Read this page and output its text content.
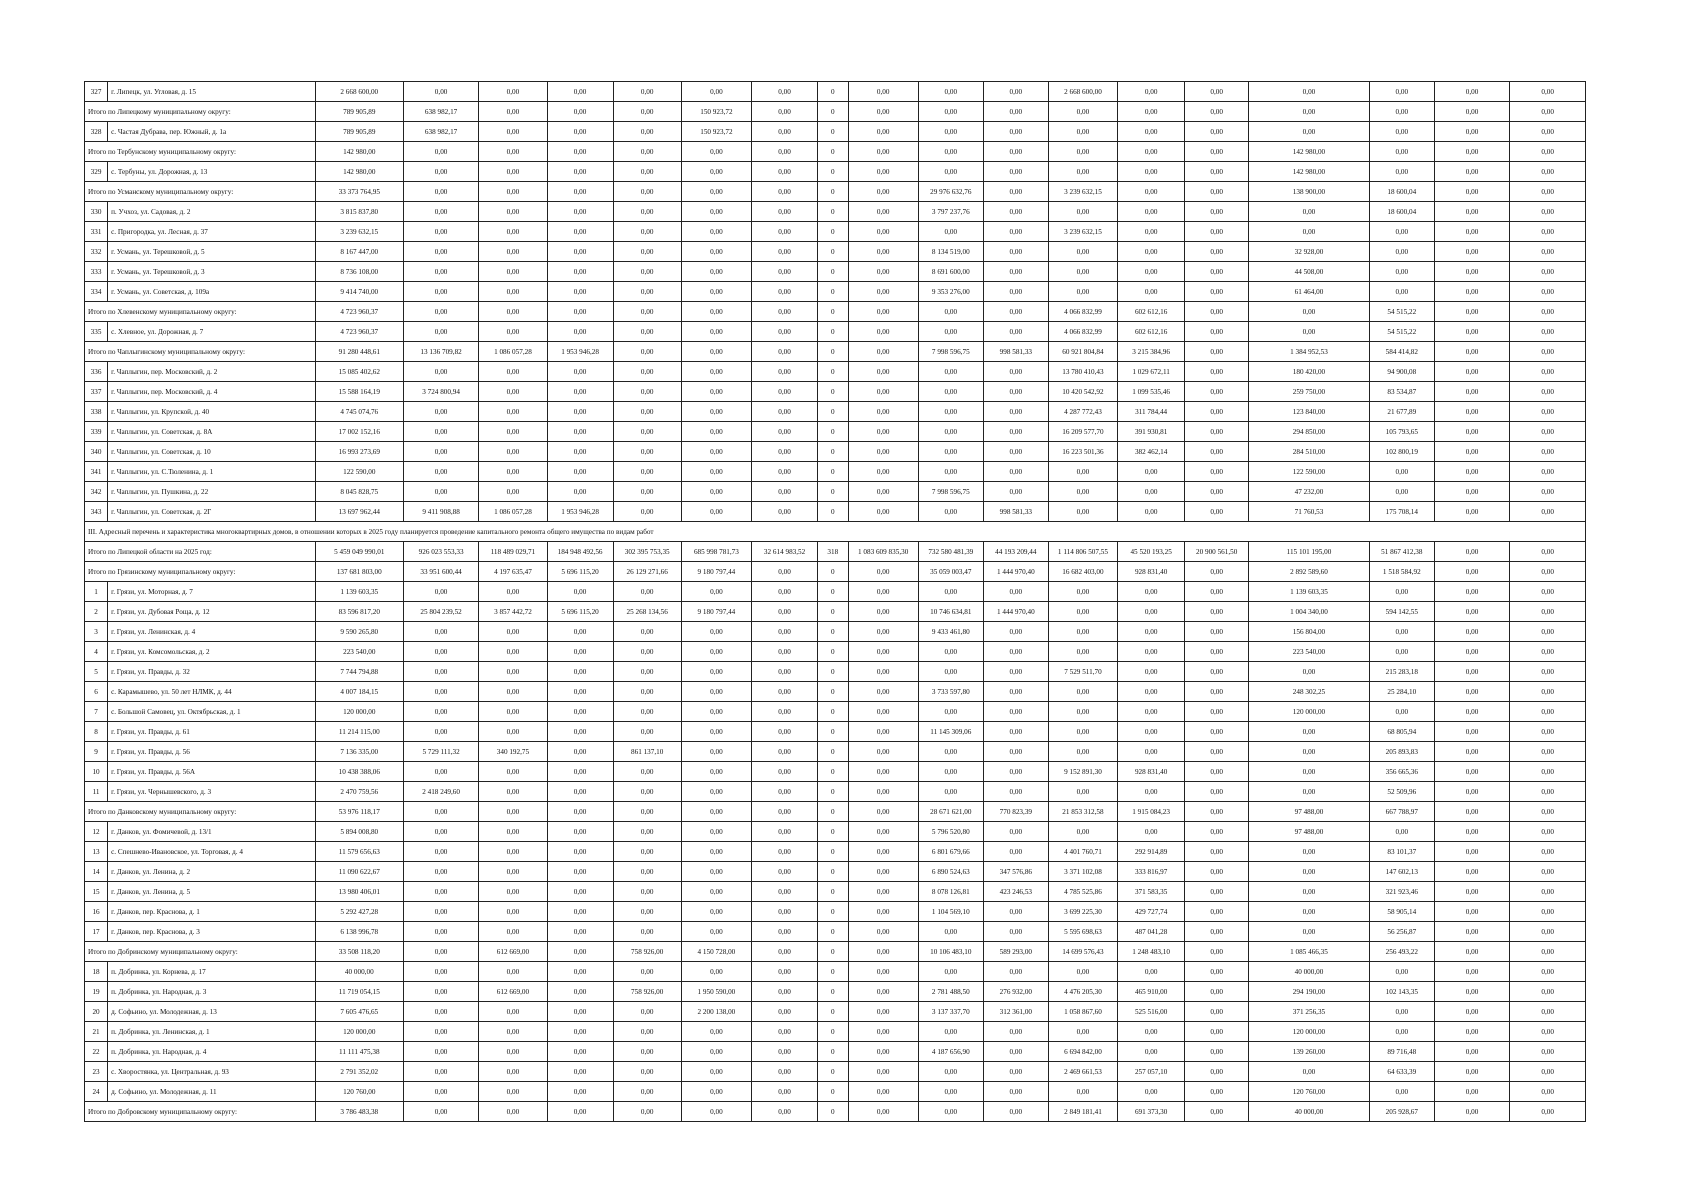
327	г. Липецк, ул. Угловая, д. 15	2 668 600,00	0,00	0,00	0,00	0,00	0,00	0,00	0	0,00	0,00	0,00	2 668 600,00	0,00	0,00	0,00	0,00	0,00	0,00
Итого по Липецкому муниципальному округу:		789 905,89	638 982,17	0,00	0,00	0,00	150 923,72	0,00	0	0,00	0,00	0,00	0,00	0,00	0,00	0,00	0,00	0,00	0,00
328	с. Частая Дубрава, пер. Южный, д. 1а	789 905,89	638 982,17	0,00	0,00	0,00	150 923,72	0,00	0	0,00	0,00	0,00	0,00	0,00	0,00	0,00	0,00	0,00	0,00
Итого по Тербунскому муниципальному округу:		142 980,00	0,00	0,00	0,00	0,00	0,00	0,00	0	0,00	0,00	0,00	0,00	0,00	0,00	142 980,00	0,00	0,00	0,00
329	с. Тербуны, ул. Дорожная, д. 13	142 980,00	0,00	0,00	0,00	0,00	0,00	0,00	0	0,00	0,00	0,00	0,00	0,00	0,00	142 980,00	0,00	0,00	0,00
Итого по Усманскому муниципальному округу:		33 373 764,95	0,00	0,00	0,00	0,00	0,00	0,00	0	0,00	29 976 632,76	0,00	3 239 632,15	0,00	0,00	138 900,00	18 600,04	0,00	0,00
330	п. Учхоз, ул. Садовая, д. 2	3 815 837,80	0,00	0,00	0,00	0,00	0,00	0,00	0	0,00	3 797 237,76	0,00	0,00	0,00	0,00	0,00	18 600,04	0,00	0,00
331	с. Пригородка, ул. Лесная, д. 37	3 239 632,15	0,00	0,00	0,00	0,00	0,00	0,00	0	0,00	0,00	0,00	3 239 632,15	0,00	0,00	0,00	0,00	0,00	0,00
332	г. Усмань, ул. Терешковой, д. 5	8 167 447,00	0,00	0,00	0,00	0,00	0,00	0,00	0	0,00	8 134 519,00	0,00	0,00	0,00	0,00	32 928,00	0,00	0,00	0,00
333	г. Усмань, ул. Терешковой, д. 3	8 736 108,00	0,00	0,00	0,00	0,00	0,00	0,00	0	0,00	8 691 600,00	0,00	0,00	0,00	0,00	44 508,00	0,00	0,00	0,00
334	г. Усмань, ул. Советская, д. 109а	9 414 740,00	0,00	0,00	0,00	0,00	0,00	0,00	0	0,00	9 353 276,00	0,00	0,00	0,00	0,00	61 464,00	0,00	0,00	0,00
Итого по Хлевенскому муниципальному округу:		4 723 960,37	0,00	0,00	0,00	0,00	0,00	0,00	0	0,00	0,00	0,00	4 066 832,99	602 612,16	0,00	0,00	54 515,22	0,00	0,00
335	с. Хлевное, ул. Дорожная, д. 7	4 723 960,37	0,00	0,00	0,00	0,00	0,00	0,00	0	0,00	0,00	0,00	4 066 832,99	602 612,16	0,00	0,00	54 515,22	0,00	0,00
Итого по Чаплыгинскому муниципальному округу:		91 280 448,61	13 136 709,82	1 086 057,28	1 953 946,28	0,00	0,00	0,00	0	0,00	7 998 596,75	998 581,33	60 921 804,84	3 215 384,96	0,00	1 384 952,53	584 414,82	0,00	0,00
336	г. Чаплыгин, пер. Московский, д. 2	15 085 402,62	0,00	0,00	0,00	0,00	0,00	0,00	0	0,00	0,00	0,00	13 780 410,43	1 029 672,11	0,00	180 420,00	94 900,08	0,00	0,00
337	г. Чаплыгин, пер. Московский, д. 4	15 588 164,19	3 724 800,94	0,00	0,00	0,00	0,00	0,00	0	0,00	0,00	0,00	10 420 542,92	1 099 535,46	0,00	259 750,00	83 534,87	0,00	0,00
338	г. Чаплыгин, ул. Крупской, д. 40	4 745 074,76	0,00	0,00	0,00	0,00	0,00	0,00	0	0,00	0,00	0,00	4 287 772,43	311 784,44	0,00	123 840,00	21 677,89	0,00	0,00
339	г. Чаплыгин, ул. Советская, д. 8А	17 002 152,16	0,00	0,00	0,00	0,00	0,00	0,00	0	0,00	0,00	0,00	16 209 577,70	391 930,81	0,00	294 850,00	105 793,65	0,00	0,00
340	г. Чаплыгин, ул. Советская, д. 10	16 993 273,69	0,00	0,00	0,00	0,00	0,00	0,00	0	0,00	0,00	0,00	16 223 501,36	382 462,14	0,00	284 510,00	102 800,19	0,00	0,00
341	г. Чаплыгин, ул. С.Тюленина, д. 1	122 590,00	0,00	0,00	0,00	0,00	0,00	0,00	0	0,00	0,00	0,00	0,00	0,00	0,00	122 590,00	0,00	0,00	0,00
342	г. Чаплыгин, ул. Пушкина, д. 22	8 045 828,75	0,00	0,00	0,00	0,00	0,00	0,00	0	0,00	7 998 596,75	0,00	0,00	0,00	0,00	47 232,00	0,00	0,00	0,00
343	г. Чаплыгин, ул. Советская, д. 2Г	13 697 962,44	9 411 908,88	1 086 057,28	1 953 946,28	0,00	0,00	0,00	0	0,00	0,00	998 581,33	0,00	0,00	0,00	71 760,53	175 708,14	0,00	0,00
III. Адресный перечень и характеристика многоквартирных домов, в отношении которых в 2025 году планируется проведение капитального ремонта общего имущества по видам работ																			
Итого по Липецкой области на 2025 год:		5 459 049 990,01	926 023 553,33	118 489 029,71	184 948 492,56	302 395 753,35	685 998 781,73	32 614 983,52	318	1 083 609 835,30	732 580 481,39	44 193 209,44	1 114 806 507,55	45 520 193,25	20 900 561,50	115 101 195,00	51 867 412,38	0,00	0,00
Итого по Грязинскому муниципальному округу:		137 681 803,00	33 951 600,44	4 197 635,47	5 696 115,20	26 129 271,66	9 180 797,44	0,00	0	0,00	35 059 003,47	1 444 970,40	16 682 403,00	928 831,40	0,00	2 892 589,60	1 518 584,92	0,00	0,00
1	г. Грязи, ул. Моторная, д. 7	1 139 603,35	0,00	0,00	0,00	0,00	0,00	0,00	0	0,00	0,00	0,00	0,00	0,00	0,00	1 139 603,35	0,00	0,00	0,00
2	г. Грязи, ул. Дубовая Роща, д. 12	83 596 817,20	25 804 239,52	3 857 442,72	5 696 115,20	25 268 134,56	9 180 797,44	0,00	0	0,00	10 746 634,81	1 444 970,40	0,00	0,00	0,00	1 004 340,00	594 142,55	0,00	0,00
3	г. Грязи, ул. Ленинская, д. 4	9 590 265,80	0,00	0,00	0,00	0,00	0,00	0,00	0	0,00	9 433 461,80	0,00	0,00	0,00	0,00	156 804,00	0,00	0,00	0,00
4	г. Грязи, ул. Комсомольская, д. 2	223 540,00	0,00	0,00	0,00	0,00	0,00	0,00	0	0,00	0,00	0,00	0,00	0,00	0,00	223 540,00	0,00	0,00	0,00
5	г. Грязи, ул. Правды, д. 32	7 744 794,88	0,00	0,00	0,00	0,00	0,00	0,00	0	0,00	0,00	0,00	7 529 511,70	0,00	0,00	0,00	215 283,18	0,00	0,00
6	с. Карамышево, ул. 50 лет НЛМК, д. 44	4 007 184,15	0,00	0,00	0,00	0,00	0,00	0,00	0	0,00	3 733 597,80	0,00	0,00	0,00	0,00	248 302,25	25 284,10	0,00	0,00
7	с. Большой Самовец, ул. Октябрьская, д. 1	120 000,00	0,00	0,00	0,00	0,00	0,00	0,00	0	0,00	0,00	0,00	0,00	0,00	0,00	120 000,00	0,00	0,00	0,00
8	г. Грязи, ул. Правды, д. 61	11 214 115,00	0,00	0,00	0,00	0,00	0,00	0,00	0	0,00	11 145 309,06	0,00	0,00	0,00	0,00	0,00	68 805,94	0,00	0,00
9	г. Грязи, ул. Правды, д. 56	7 136 335,00	5 729 111,32	340 192,75	0,00	861 137,10	0,00	0,00	0	0,00	0,00	0,00	0,00	0,00	0,00	0,00	205 893,83	0,00	0,00
10	г. Грязи, ул. Правды, д. 56А	10 438 388,06	0,00	0,00	0,00	0,00	0,00	0,00	0	0,00	0,00	0,00	9 152 891,30	928 831,40	0,00	0,00	356 665,36	0,00	0,00
11	г. Грязи, ул. Чернышевского, д. 3	2 470 759,56	2 418 249,60	0,00	0,00	0,00	0,00	0,00	0	0,00	0,00	0,00	0,00	0,00	0,00	0,00	52 509,96	0,00	0,00
Итого по Данковскому муниципальному округу:		53 976 118,17	0,00	0,00	0,00	0,00	0,00	0,00	0	0,00	28 671 621,00	770 823,39	21 853 312,58	1 915 084,23	0,00	97 488,00	667 788,97	0,00	0,00
12	г. Данков, ул. Фомичевой, д. 13/1	5 894 008,80	0,00	0,00	0,00	0,00	0,00	0,00	0	0,00	5 796 520,80	0,00	0,00	0,00	0,00	97 488,00	0,00	0,00	0,00
13	с. Спешнево-Ивановское, ул. Торговая, д. 4	11 579 656,63	0,00	0,00	0,00	0,00	0,00	0,00	0	0,00	6 801 679,66	0,00	4 401 760,71	292 914,89	0,00	0,00	83 101,37	0,00	0,00
14	г. Данков, ул. Ленина, д. 2	11 090 622,67	0,00	0,00	0,00	0,00	0,00	0,00	0	0,00	6 890 524,63	347 576,86	3 371 102,08	333 816,97	0,00	0,00	147 602,13	0,00	0,00
15	г. Данков, ул. Ленина, д. 5	13 980 406,01	0,00	0,00	0,00	0,00	0,00	0,00	0	0,00	8 078 126,81	423 246,53	4 785 525,86	371 583,35	0,00	0,00	321 923,46	0,00	0,00
16	г. Данков, пер. Краснова, д. 1	5 292 427,28	0,00	0,00	0,00	0,00	0,00	0,00	0	0,00	1 104 569,10	0,00	3 699 225,30	429 727,74	0,00	0,00	58 905,14	0,00	0,00
17	г. Данков, пер. Краснова, д. 3	6 138 996,78	0,00	0,00	0,00	0,00	0,00	0,00	0	0,00	0,00	0,00	5 595 698,63	487 041,28	0,00	0,00	56 256,87	0,00	0,00
Итого по Добринскому муниципальному округу:		33 508 118,20	0,00	612 669,00	0,00	758 926,00	4 150 728,00	0,00	0	0,00	10 106 483,10	589 293,00	14 699 576,43	1 248 483,10	0,00	1 085 466,35	256 493,22	0,00	0,00
18	п. Добринка, ул. Корнева, д. 17	40 000,00	0,00	0,00	0,00	0,00	0,00	0,00	0	0,00	0,00	0,00	0,00	0,00	0,00	40 000,00	0,00	0,00	0,00
19	п. Добринка, ул. Народная, д. 3	11 719 054,15	0,00	612 669,00	0,00	758 926,00	1 950 590,00	0,00	0	0,00	2 781 488,50	276 932,00	4 476 205,30	465 910,00	0,00	294 190,00	102 143,35	0,00	0,00
20	д. Софьино, ул. Молодежная, д. 13	7 605 476,65	0,00	0,00	0,00	0,00	2 200 138,00	0,00	0	0,00	3 137 337,70	312 361,00	1 058 867,60	525 516,00	0,00	371 256,35	0,00	0,00	0,00
21	п. Добринка, ул. Ленинская, д. 1	120 000,00	0,00	0,00	0,00	0,00	0,00	0,00	0	0,00	0,00	0,00	0,00	0,00	0,00	120 000,00	0,00	0,00	0,00
22	п. Добринка, ул. Народная, д. 4	11 111 475,38	0,00	0,00	0,00	0,00	0,00	0,00	0	0,00	4 187 656,90	0,00	6 694 842,00	0,00	0,00	139 260,00	89 716,48	0,00	0,00
23	с. Хворостянка, ул. Центральная, д. 93	2 791 352,02	0,00	0,00	0,00	0,00	0,00	0,00	0	0,00	0,00	0,00	2 469 661,53	257 057,10	0,00	0,00	64 633,39	0,00	0,00
24	д. Софьино, ул. Молодежная, д. 11	120 760,00	0,00	0,00	0,00	0,00	0,00	0,00	0	0,00	0,00	0,00	0,00	0,00	0,00	120 760,00	0,00	0,00	0,00
Итого по Добровскому муниципальному округу:		3 786 483,38	0,00	0,00	0,00	0,00	0,00	0,00	0	0,00	0,00	0,00	2 849 181,41	691 373,30	0,00	40 000,00	205 928,67	0,00	0,00
